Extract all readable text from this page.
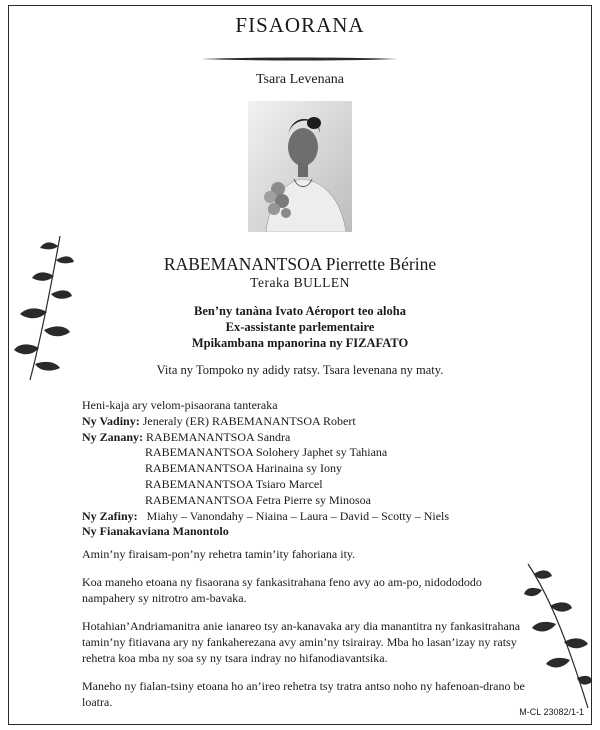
FISAORANA
Tsara Levenana
RABEMANANTSOA Pierrette Bérine
Teraka BULLEN
Ben’ny tanàna Ivato Aéroport teo aloha
Ex-assistante parlementaire
Mpikambana mpanorina ny FIZAFATO
Vita ny Tompoko ny adidy ratsy. Tsara levenana ny maty.
Heni-kaja ary velom-pisaorana tanteraka
Ny Vadiny:
Jeneraly (ER) RABEMANANTSOA Robert
Ny Zanany:
RABEMANANTSOA Sandra
RABEMANANTSOA Solohery Japhet sy Tahiana
RABEMANANTSOA Harinaina sy Iony
RABEMANANTSOA Tsiaro Marcel
RABEMANANTSOA Fetra Pierre sy Minosoa
Ny Zafiny:
Miahy – Vanondahy – Niaina – Laura – David – Scotty – Niels
Ny Fianakaviana Manontolo
Amin’ny firaisam-pon’ny rehetra tamin’ity fahoriana ity.
Koa maneho etoana ny fisaorana sy fankasitrahana feno avy ao am-po, nidodododo nampahery sy nitrotro am-bavaka.
Hotahian’Andriamanitra anie ianareo tsy an-kanavaka ary dia manantitra ny fankasitrahana tamin’ny fitiavana ary ny fankaherezana avy amin’ny tsirairay. Mba ho lasan’izay ny ratsy rehetra koa mba ny soa sy ny tsara indray no hifanodiavantsika.
Maneho ny fialan-tsiny etoana ho an’ireo rehetra tsy tratra antso noho ny hafenoan-drano be loatra.
M-CL 23082/1-1
